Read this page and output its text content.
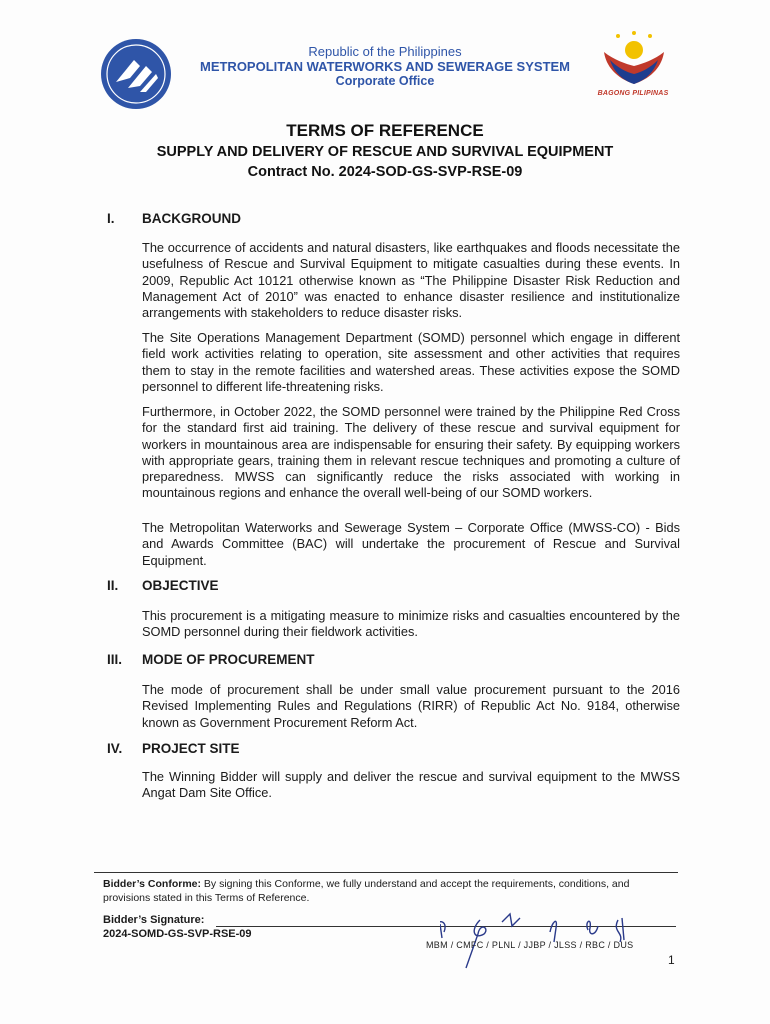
Republic of the Philippines
METROPOLITAN WATERWORKS AND SEWERAGE SYSTEM
Corporate Office
BAGONG PILIPINAS
TERMS OF REFERENCE
SUPPLY AND DELIVERY OF RESCUE AND SURVIVAL EQUIPMENT
Contract No. 2024-SOD-GS-SVP-RSE-09
I. BACKGROUND

The occurrence of accidents and natural disasters, like earthquakes and floods necessitate the usefulness of Rescue and Survival Equipment to mitigate casualties during these events. In 2009, Republic Act 10121 otherwise known as “The Philippine Disaster Risk Reduction and Management Act of 2010” was enacted to enhance disaster resilience and institutionalize arrangements with stakeholders to reduce disaster risks.

The Site Operations Management Department (SOMD) personnel which engage in different field work activities relating to operation, site assessment and other activities that requires them to stay in the remote facilities and watershed areas. These activities expose the SOMD personnel to different life-threatening risks.

Furthermore, in October 2022, the SOMD personnel were trained by the Philippine Red Cross for the standard first aid training. The delivery of these rescue and survival equipment for workers in mountainous area are indispensable for ensuring their safety. By equipping workers with appropriate gears, training them in relevant rescue techniques and promoting a culture of preparedness. MWSS can significantly reduce the risks associated with working in mountainous regions and enhance the overall well-being of our SOMD workers.

The Metropolitan Waterworks and Sewerage System – Corporate Office (MWSS-CO) - Bids and Awards Committee (BAC) will undertake the procurement of Rescue and Survival Equipment.

II. OBJECTIVE

This procurement is a mitigating measure to minimize risks and casualties encountered by the SOMD personnel during their fieldwork activities.

III. MODE OF PROCUREMENT

The mode of procurement shall be under small value procurement pursuant to the 2016 Revised Implementing Rules and Regulations (RIRR) of Republic Act No. 9184, otherwise known as Government Procurement Reform Act.

IV. PROJECT SITE

The Winning Bidder will supply and deliver the rescue and survival equipment to the MWSS Angat Dam Site Office.

Bidder’s Conforme: By signing this Conforme, we fully understand and accept the requirements, conditions, and provisions stated in this Terms of Reference.
Bidder’s Signature:
2024-SOMD-GS-SVP-RSE-09
MBM / CMFC / PLNL / JJBP / JLSS / RBC / DUS
1
